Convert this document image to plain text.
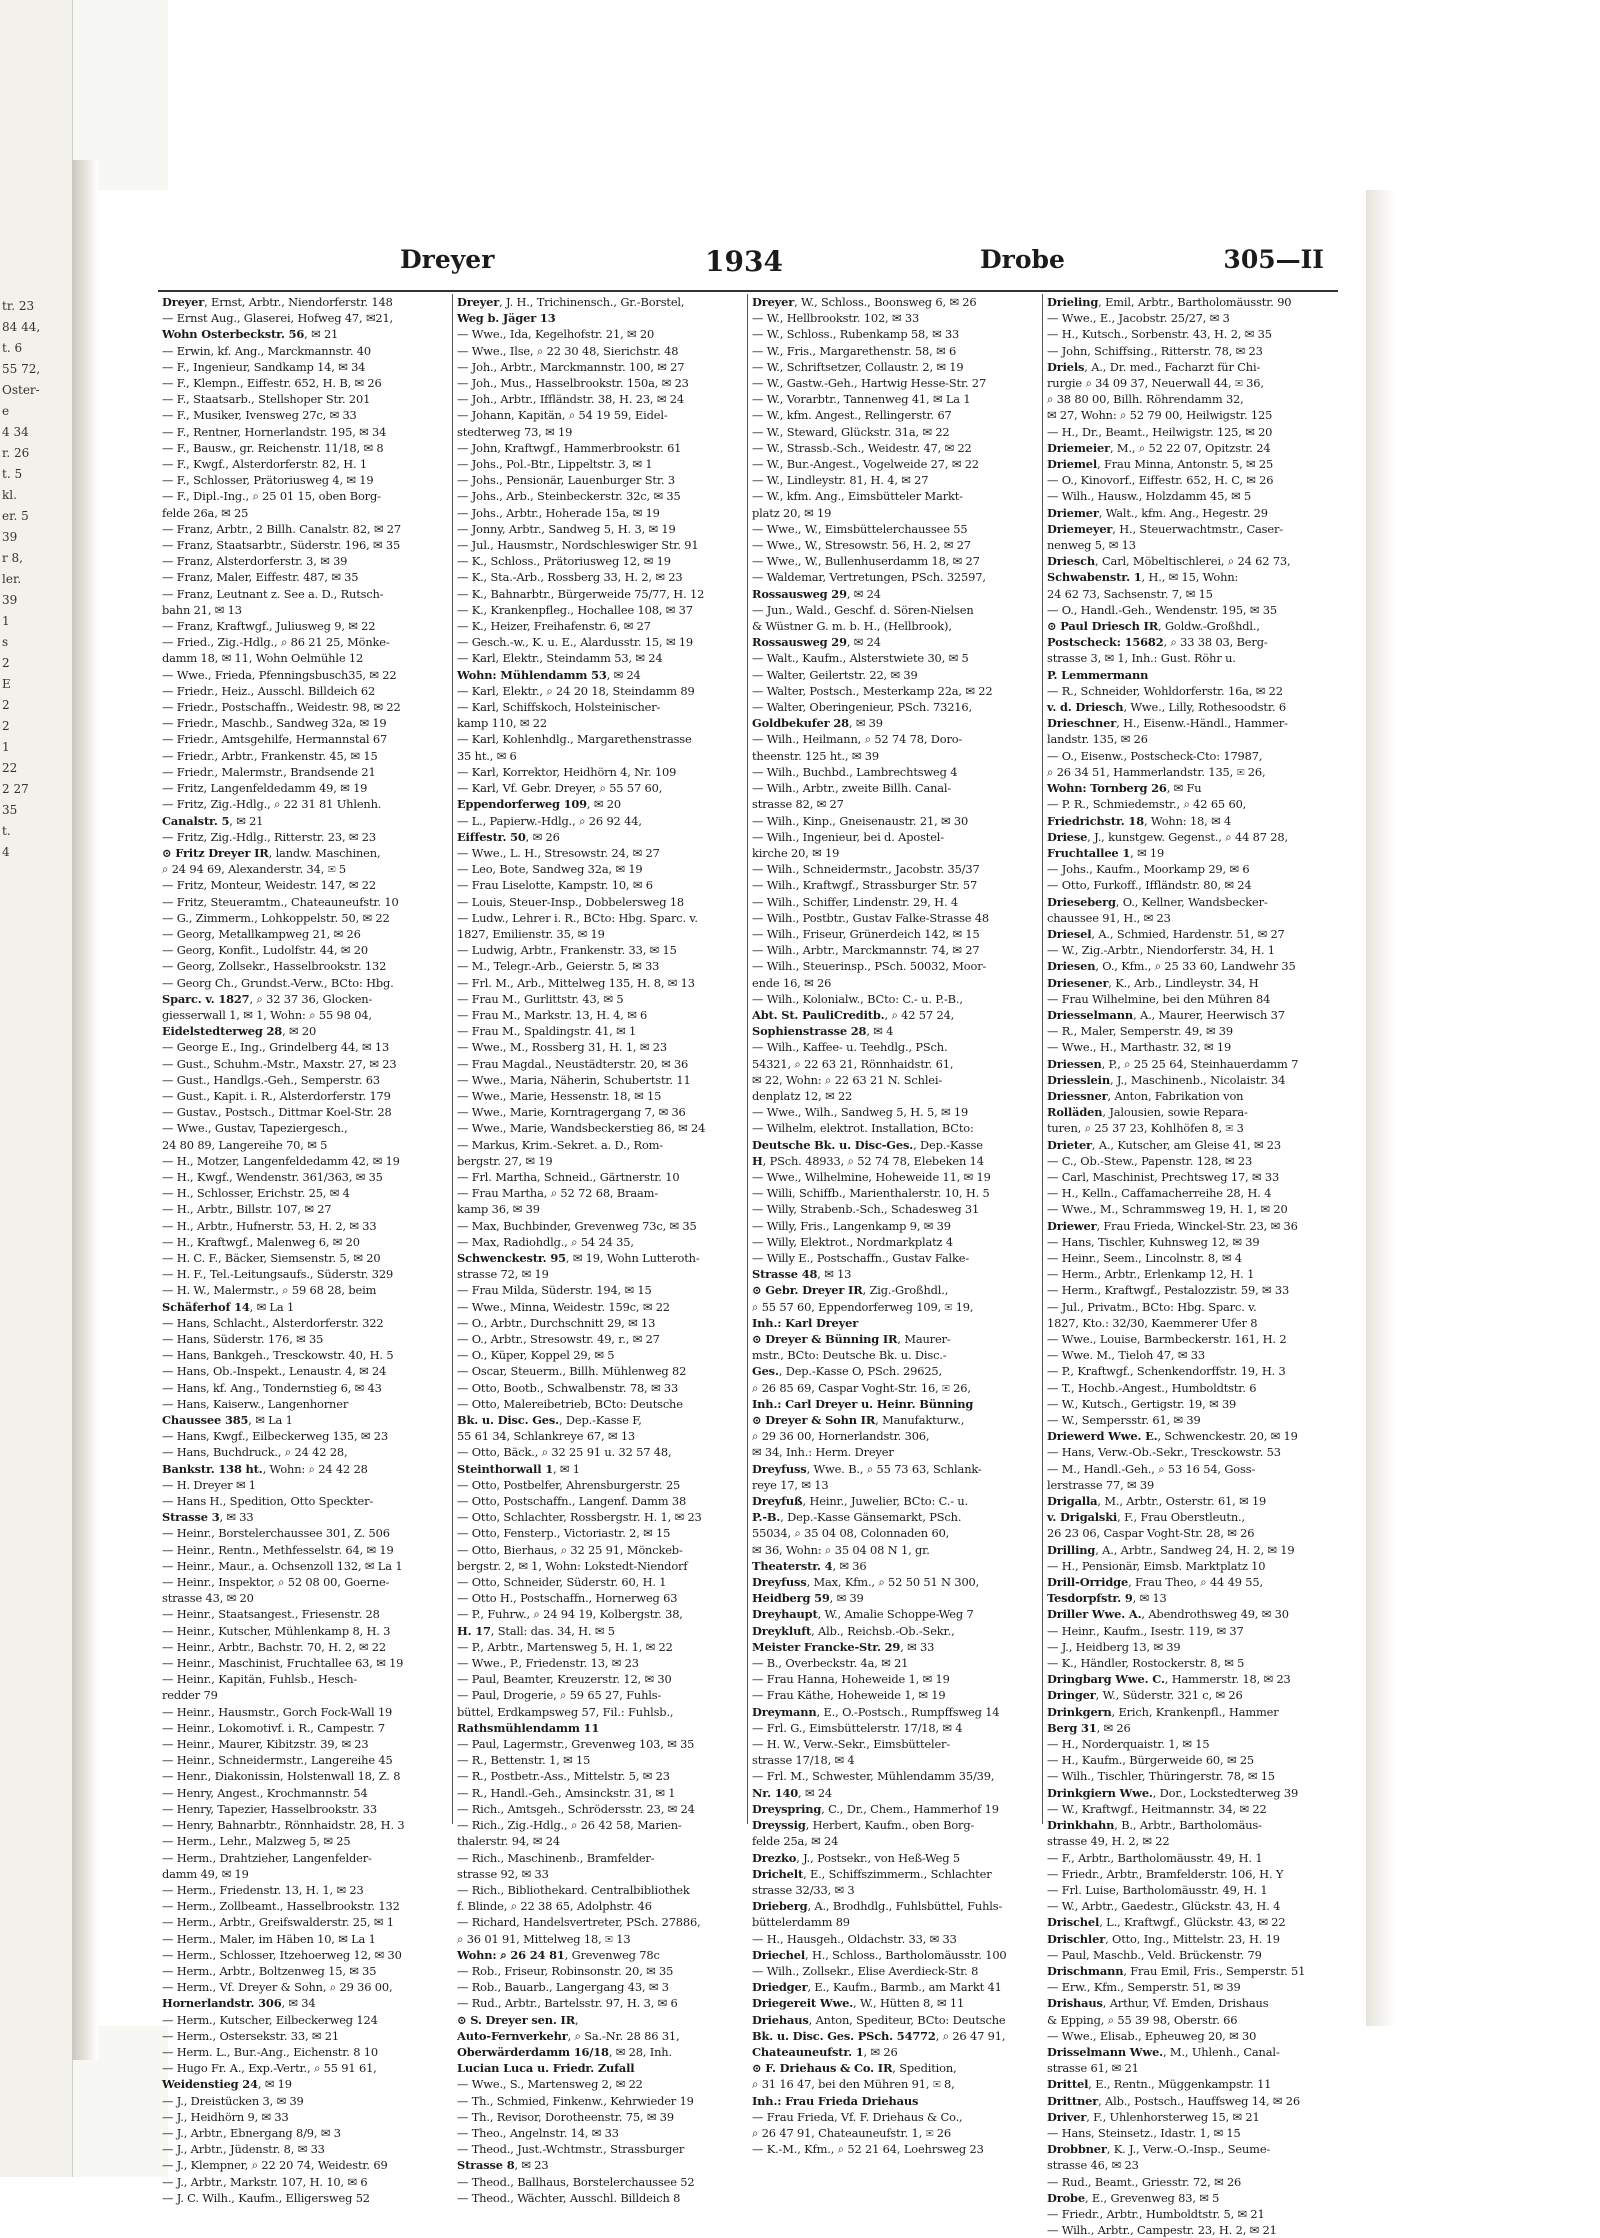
tr. 23
84 44,
t. 6
55 72,
Oster-
e
4 34
r. 26
t. 5
kl.
er. 5
39
r 8,
ler.
39
1
s
2
E
2
2
1
22
2 27
35
t.
4
Dreyer	1934	Drobe	305—II
Dreyer, Ernst, Arbtr., Niendorferstr. 148
— Ernst Aug., Glaserei, Hofweg 47, ✉21,
Wohn Osterbeckstr. 56, ✉ 21
— Erwin, kf. Ang., Marckmannstr. 40
— F., Ingenieur, Sandkamp 14, ✉ 34
— F., Klempn., Eiffestr. 652, H. B, ✉ 26
— F., Staatsarb., Stellshoper Str. 201
— F., Musiker, Ivensweg 27c, ✉ 33
— F., Rentner, Hornerlandstr. 195, ✉ 34
— F., Bausw., gr. Reichenstr. 11/18, ✉ 8
— F., Kwgf., Alsterdorferstr. 82, H. 1
— F., Schlosser, Prätoriusweg 4, ✉ 19
— F., Dipl.-Ing., ⌕ 25 01 15, oben Borg-
felde 26a, ✉ 25
— Franz, Arbtr., 2 Billh. Canalstr. 82, ✉ 27
— Franz, Staatsarbtr., Süderstr. 196, ✉ 35
— Franz, Alsterdorferstr. 3, ✉ 39
— Franz, Maler, Eiffestr. 487, ✉ 35
— Franz, Leutnant z. See a. D., Rutsch-
bahn 21, ✉ 13
— Franz, Kraftwgf., Juliusweg 9, ✉ 22
— Fried., Zig.-Hdlg., ⌕ 86 21 25, Mönke-
damm 18, ✉ 11, Wohn Oelmühle 12
— Wwe., Frieda, Pfenningsbusch35, ✉ 22
— Friedr., Heiz., Ausschl. Billdeich 62
— Friedr., Postschaffn., Weidestr. 98, ✉ 22
— Friedr., Maschb., Sandweg 32a, ✉ 19
— Friedr., Amtsgehilfe, Hermannstal 67
— Friedr., Arbtr., Frankenstr. 45, ✉ 15
— Friedr., Malermstr., Brandsende 21
— Fritz, Langenfeldedamm 49, ✉ 19
— Fritz, Zig.-Hdlg., ⌕ 22 31 81 Uhlenh.
Canalstr. 5, ✉ 21
— Fritz, Zig.-Hdlg., Ritterstr. 23, ✉ 23
⊙ Fritz Dreyer IR, landw. Maschinen,
⌕ 24 94 69, Alexanderstr. 34, ✉ 5
— Fritz, Monteur, Weidestr. 147, ✉ 22
— Fritz, Steueramtm., Chateauneufstr. 10
— G., Zimmerm., Lohkoppelstr. 50, ✉ 22
— Georg, Metallkampweg 21, ✉ 26
— Georg, Konfit., Ludolfstr. 44, ✉ 20
— Georg, Zollsekr., Hasselbrookstr. 132
— Georg Ch., Grundst.-Verw., BCto: Hbg.
Sparc. v. 1827, ⌕ 32 37 36, Glocken-
giesserwall 1, ✉ 1, Wohn: ⌕ 55 98 04,
Eidelstedterweg 28, ✉ 20
— George E., Ing., Grindelberg 44, ✉ 13
— Gust., Schuhm.-Mstr., Maxstr. 27, ✉ 23
— Gust., Handlgs.-Geh., Semperstr. 63
— Gust., Kapit. i. R., Alsterdorferstr. 179
— Gustav., Postsch., Dittmar Koel-Str. 28
— Wwe., Gustav, Tapeziergesch.,
24 80 89, Langereihe 70, ✉ 5
— H., Motzer, Langenfeldedamm 42, ✉ 19
— H., Kwgf., Wendenstr. 361/363, ✉ 35
— H., Schlosser, Erichstr. 25, ✉ 4
— H., Arbtr., Billstr. 107, ✉ 27
— H., Arbtr., Hufnerstr. 53, H. 2, ✉ 33
— H., Kraftwgf., Malenweg 6, ✉ 20
— H. C. F., Bäcker, Siemsenstr. 5, ✉ 20
— H. F., Tel.-Leitungsaufs., Süderstr. 329
— H. W., Malermstr., ⌕ 59 68 28, beim
Schäferhof 14, ✉ La 1
— Hans, Schlacht., Alsterdorferstr. 322
— Hans, Süderstr. 176, ✉ 35
— Hans, Bankgeh., Tresckowstr. 40, H. 5
— Hans, Ob.-Inspekt., Lenaustr. 4, ✉ 24
— Hans, kf. Ang., Tondernstieg 6, ✉ 43
— Hans, Kaiserw., Langenhorner
Chaussee 385, ✉ La 1
— Hans, Kwgf., Eilbeckerweg 135, ✉ 23
— Hans, Buchdruck., ⌕ 24 42 28,
Bankstr. 138 ht., Wohn: ⌕ 24 42 28
— H. Dreyer ✉ 1
— Hans H., Spedition, Otto Speckter-
Strasse 3, ✉ 33
— Heinr., Borstelerchaussee 301, Z. 506
— Heinr., Rentn., Methfesselstr. 64, ✉ 19
— Heinr., Maur., a. Ochsenzoll 132, ✉ La 1
— Heinr., Inspektor, ⌕ 52 08 00, Goerne-
strasse 43, ✉ 20
— Heinr., Staatsangest., Friesenstr. 28
— Heinr., Kutscher, Mühlenkamp 8, H. 3
— Heinr., Arbtr., Bachstr. 70, H. 2, ✉ 22
— Heinr., Maschinist, Fruchtallee 63, ✉ 19
— Heinr., Kapitän, Fuhlsb., Hesch-
redder 79
— Heinr., Hausmstr., Gorch Fock-Wall 19
— Heinr., Lokomotivf. i. R., Campestr. 7
— Heinr., Maurer, Kibitzstr. 39, ✉ 23
— Heinr., Schneidermstr., Langereihe 45
— Henr., Diakonissin, Holstenwall 18, Z. 8
— Henry, Angest., Krochmannstr. 54
— Henry, Tapezier, Hasselbrookstr. 33
— Henry, Bahnarbtr., Rönnhaidstr. 28, H. 3
— Herm., Lehr., Malzweg 5, ✉ 25
— Herm., Drahtzieher, Langenfelder-
damm 49, ✉ 19
— Herm., Friedenstr. 13, H. 1, ✉ 23
— Herm., Zollbeamt., Hasselbrookstr. 132
— Herm., Arbtr., Greifswalderstr. 25, ✉ 1
— Herm., Maler, im Häben 10, ✉ La 1
— Herm., Schlosser, Itzehoerweg 12, ✉ 30
— Herm., Arbtr., Boltzenweg 15, ✉ 35
— Herm., Vf. Dreyer & Sohn, ⌕ 29 36 00,
Hornerlandstr. 306, ✉ 34
— Herm., Kutscher, Eilbeckerweg 124
— Herm., Ostersekstr. 33, ✉ 21
— Herm. L., Bur.-Ang., Eichenstr. 8 10
— Hugo Fr. A., Exp.-Vertr., ⌕ 55 91 61,
Weidenstieg 24, ✉ 19
— J., Dreistücken 3, ✉ 39
— J., Heidhörn 9, ✉ 33
— J., Arbtr., Ebnergang 8/9, ✉ 3
— J., Arbtr., Jüdenstr. 8, ✉ 33
— J., Klempner, ⌕ 22 20 74, Weidestr. 69
— J., Arbtr., Markstr. 107, H. 10, ✉ 6
— J. C. Wilh., Kaufm., Elligersweg 52
Dreyer, J. H., Trichinensch., Gr.-Borstel,
Weg b. Jäger 13
— Wwe., Ida, Kegelhofstr. 21, ✉ 20
— Wwe., Ilse, ⌕ 22 30 48, Sierichstr. 48
— Joh., Arbtr., Marckmannstr. 100, ✉ 27
— Joh., Mus., Hasselbrookstr. 150a, ✉ 23
— Joh., Arbtr., Iffländstr. 38, H. 23, ✉ 24
— Johann, Kapitän, ⌕ 54 19 59, Eidel-
stedterweg 73, ✉ 19
— John, Kraftwgf., Hammerbrookstr. 61
— Johs., Pol.-Btr., Lippeltstr. 3, ✉ 1
— Johs., Pensionär, Lauenburger Str. 3
— Johs., Arb., Steinbeckerstr. 32c, ✉ 35
— Johs., Arbtr., Hoherade 15a, ✉ 19
— Jonny, Arbtr., Sandweg 5, H. 3, ✉ 19
— Jul., Hausmstr., Nordschleswiger Str. 91
— K., Schloss., Prätoriusweg 12, ✉ 19
— K., Sta.-Arb., Rossberg 33, H. 2, ✉ 23
— K., Bahnarbtr., Bürgerweide 75/77, H. 12
— K., Krankenpfleg., Hochallee 108, ✉ 37
— K., Heizer, Freihafenstr. 6, ✉ 27
— Gesch.-w., K. u. E., Alardusstr. 15, ✉ 19
— Karl, Elektr., Steindamm 53, ✉ 24
Wohn: Mühlendamm 53, ✉ 24
— Karl, Elektr., ⌕ 24 20 18, Steindamm 89
— Karl, Schiffskoch, Holsteinischer-
kamp 110, ✉ 22
— Karl, Kohlenhdlg., Margarethenstrasse
35 ht., ✉ 6
— Karl, Korrektor, Heidhörn 4, Nr. 109
— Karl, Vf. Gebr. Dreyer, ⌕ 55 57 60,
Eppendorferweg 109, ✉ 20
— L., Papierw.-Hdlg., ⌕ 26 92 44,
Eiffestr. 50, ✉ 26
— Wwe., L. H., Stresowstr. 24, ✉ 27
— Leo, Bote, Sandweg 32a, ✉ 19
— Frau Liselotte, Kampstr. 10, ✉ 6
— Louis, Steuer-Insp., Dobbelersweg 18
— Ludw., Lehrer i. R., BCto: Hbg. Sparc. v.
1827, Emilienstr. 35, ✉ 19
— Ludwig, Arbtr., Frankenstr. 33, ✉ 15
— M., Telegr.-Arb., Geierstr. 5, ✉ 33
— Frl. M., Arb., Mittelweg 135, H. 8, ✉ 13
— Frau M., Gurlittstr. 43, ✉ 5
— Frau M., Markstr. 13, H. 4, ✉ 6
— Frau M., Spaldingstr. 41, ✉ 1
— Wwe., M., Rossberg 31, H. 1, ✉ 23
— Frau Magdal., Neustädterstr. 20, ✉ 36
— Wwe., Maria, Näherin, Schubertstr. 11
— Wwe., Marie, Hessenstr. 18, ✉ 15
— Wwe., Marie, Korntragergang 7, ✉ 36
— Wwe., Marie, Wandsbeckerstieg 86, ✉ 24
— Markus, Krim.-Sekret. a. D., Rom-
bergstr. 27, ✉ 19
— Frl. Martha, Schneid., Gärtnerstr. 10
— Frau Martha, ⌕ 52 72 68, Braam-
kamp 36, ✉ 39
— Max, Buchbinder, Grevenweg 73c, ✉ 35
— Max, Radiohdlg., ⌕ 54 24 35,
Schwenckestr. 95, ✉ 19, Wohn Lutteroth-
strasse 72, ✉ 19
— Frau Milda, Süderstr. 194, ✉ 15
— Wwe., Minna, Weidestr. 159c, ✉ 22
— O., Arbtr., Durchschnitt 29, ✉ 13
— O., Arbtr., Stresowstr. 49, r., ✉ 27
— O., Küper, Koppel 29, ✉ 5
— Oscar, Steuerm., Billh. Mühlenweg 82
— Otto, Bootb., Schwalbenstr. 78, ✉ 33
— Otto, Malereibetrieb, BCto: Deutsche
Bk. u. Disc. Ges., Dep.-Kasse F,
55 61 34, Schlankreye 67, ✉ 13
— Otto, Bäck., ⌕ 32 25 91 u. 32 57 48,
Steinthorwall 1, ✉ 1
— Otto, Postbelfer, Ahrensburgerstr. 25
— Otto, Postschaffn., Langenf. Damm 38
— Otto, Schlachter, Rossbergstr. H. 1, ✉ 23
— Otto, Fensterp., Victoriastr. 2, ✉ 15
— Otto, Bierhaus, ⌕ 32 25 91, Mönckeb-
bergstr. 2, ✉ 1, Wohn: Lokstedt-Niendorf
— Otto, Schneider, Süderstr. 60, H. 1
— Otto H., Postschaffn., Hornerweg 63
— P., Fuhrw., ⌕ 24 94 19, Kolbergstr. 38,
H. 17, Stall: das. 34, H. ✉ 5
— P., Arbtr., Martensweg 5, H. 1, ✉ 22
— Wwe., P., Friedenstr. 13, ✉ 23
— Paul, Beamter, Kreuzerstr. 12, ✉ 30
— Paul, Drogerie, ⌕ 59 65 27, Fuhls-
büttel, Erdkampsweg 57, Fil.: Fuhlsb.,
Rathsmühlendamm 11
— Paul, Lagermstr., Grevenweg 103, ✉ 35
— R., Bettenstr. 1, ✉ 15
— R., Postbetr.-Ass., Mittelstr. 5, ✉ 23
— R., Handl.-Geh., Amsinckstr. 31, ✉ 1
— Rich., Amtsgeh., Schrödersstr. 23, ✉ 24
— Rich., Zig.-Hdlg., ⌕ 26 42 58, Marien-
thalerstr. 94, ✉ 24
— Rich., Maschinenb., Bramfelder-
strasse 92, ✉ 33
— Rich., Bibliothekard. Centralbibliothek
f. Blinde, ⌕ 22 38 65, Adolphstr. 46
— Richard, Handelsvertreter, PSch. 27886,
⌕ 36 01 91, Mittelweg 18, ✉ 13
Wohn: ⌕ 26 24 81, Grevenweg 78c
— Rob., Friseur, Robinsonstr. 20, ✉ 35
— Rob., Bauarb., Langergang 43, ✉ 3
— Rud., Arbtr., Bartelsstr. 97, H. 3, ✉ 6
⊙ S. Dreyer sen. IR,
Auto-Fernverkehr, ⌕ Sa.-Nr. 28 86 31,
Oberwärderdamm 16/18, ✉ 28, Inh.
Lucian Luca u. Friedr. Zufall
— Wwe., S., Martensweg 2, ✉ 22
— Th., Schmied, Finkenw., Kehrwieder 19
— Th., Revisor, Dorotheenstr. 75, ✉ 39
— Theo., Angelnstr. 14, ✉ 33
— Theod., Just.-Wchtmstr., Strassburger
Strasse 8, ✉ 23
— Theod., Ballhaus, Borstelerchaussee 52
— Theod., Wächter, Ausschl. Billdeich 8
Dreyer, W., Schloss., Boonsweg 6, ✉ 26
— W., Hellbrookstr. 102, ✉ 33
— W., Schloss., Rubenkamp 58, ✉ 33
— W., Fris., Margarethenstr. 58, ✉ 6
— W., Schriftsetzer, Collaustr. 2, ✉ 19
— W., Gastw.-Geh., Hartwig Hesse-Str. 27
— W., Vorarbtr., Tannenweg 41, ✉ La 1
— W., kfm. Angest., Rellingerstr. 67
— W., Steward, Glückstr. 31a, ✉ 22
— W., Strassb.-Sch., Weidestr. 47, ✉ 22
— W., Bur.-Angest., Vogelweide 27, ✉ 22
— W., Lindleystr. 81, H. 4, ✉ 27
— W., kfm. Ang., Eimsbütteler Markt-
platz 20, ✉ 19
— Wwe., W., Eimsbüttelerchaussee 55
— Wwe., W., Stresowstr. 56, H. 2, ✉ 27
— Wwe., W., Bullenhuserdamm 18, ✉ 27
— Waldemar, Vertretungen, PSch. 32597,
Rossausweg 29, ✉ 24
— Jun., Wald., Geschf. d. Sören-Nielsen
& Wüstner G. m. b. H., (Hellbrook),
Rossausweg 29, ✉ 24
— Walt., Kaufm., Alsterstwiete 30, ✉ 5
— Walter, Geilertstr. 22, ✉ 39
— Walter, Postsch., Mesterkamp 22a, ✉ 22
— Walter, Oberingenieur, PSch. 73216,
Goldbekufer 28, ✉ 39
— Wilh., Heilmann, ⌕ 52 74 78, Doro-
theenstr. 125 ht., ✉ 39
— Wilh., Buchbd., Lambrechtsweg 4
— Wilh., Arbtr., zweite Billh. Canal-
strasse 82, ✉ 27
— Wilh., Kinp., Gneisenaustr. 21, ✉ 30
— Wilh., Ingenieur, bei d. Apostel-
kirche 20, ✉ 19
— Wilh., Schneidermstr., Jacobstr. 35/37
— Wilh., Kraftwgf., Strassburger Str. 57
— Wilh., Schiffer, Lindenstr. 29, H. 4
— Wilh., Postbtr., Gustav Falke-Strasse 48
— Wilh., Friseur, Grünerdeich 142, ✉ 15
— Wilh., Arbtr., Marckmannstr. 74, ✉ 27
— Wilh., Steuerinsp., PSch. 50032, Moor-
ende 16, ✉ 26
— Wilh., Kolonialw., BCto: C.- u. P.-B.,
Abt. St. PauliCreditb., ⌕ 42 57 24,
Sophienstrasse 28, ✉ 4
— Wilh., Kaffee- u. Teehdlg., PSch.
54321, ⌕ 22 63 21, Rönnhaidstr. 61,
✉ 22, Wohn: ⌕ 22 63 21 N. Schlei-
denplatz 12, ✉ 22
— Wwe., Wilh., Sandweg 5, H. 5, ✉ 19
— Wilhelm, elektrot. Installation, BCto:
Deutsche Bk. u. Disc-Ges., Dep.-Kasse
H, PSch. 48933, ⌕ 52 74 78, Elebeken 14
— Wwe., Wilhelmine, Hoheweide 11, ✉ 19
— Willi, Schiffb., Marienthalerstr. 10, H. 5
— Willy, Strabenb.-Sch., Schadesweg 31
— Willy, Fris., Langenkamp 9, ✉ 39
— Willy, Elektrot., Nordmarkplatz 4
— Willy E., Postschaffn., Gustav Falke-
Strasse 48, ✉ 13
⊙ Gebr. Dreyer IR, Zig.-Großhdl.,
⌕ 55 57 60, Eppendorferweg 109, ✉ 19,
Inh.: Karl Dreyer
⊙ Dreyer & Bünning IR, Maurer-
mstr., BCto: Deutsche Bk. u. Disc.-
Ges., Dep.-Kasse O, PSch. 29625,
⌕ 26 85 69, Caspar Voght-Str. 16, ✉ 26,
Inh.: Carl Dreyer u. Heinr. Bünning
⊙ Dreyer & Sohn IR, Manufakturw.,
⌕ 29 36 00, Hornerlandstr. 306,
✉ 34, Inh.: Herm. Dreyer
Dreyfuss, Wwe. B., ⌕ 55 73 63, Schlank-
reye 17, ✉ 13
Dreyfuß, Heinr., Juwelier, BCto: C.- u.
P.-B., Dep.-Kasse Gänsemarkt, PSch.
55034, ⌕ 35 04 08, Colonnaden 60,
✉ 36, Wohn: ⌕ 35 04 08 N 1, gr.
Theaterstr. 4, ✉ 36
Dreyfuss, Max, Kfm., ⌕ 52 50 51 N 300,
Heidberg 59, ✉ 39
Dreyhaupt, W., Amalie Schoppe-Weg 7
Dreykluft, Alb., Reichsb.-Ob.-Sekr.,
Meister Francke-Str. 29, ✉ 33
— B., Overbeckstr. 4a, ✉ 21
— Frau Hanna, Hoheweide 1, ✉ 19
— Frau Käthe, Hoheweide 1, ✉ 19
Dreymann, E., O.-Postsch., Rumpffsweg 14
— Frl. G., Eimsbüttelerstr. 17/18, ✉ 4
— H. W., Verw.-Sekr., Eimsbütteler-
strasse 17/18, ✉ 4
— Frl. M., Schwester, Mühlendamm 35/39,
Nr. 140, ✉ 24
Dreyspring, C., Dr., Chem., Hammerhof 19
Dreyssig, Herbert, Kaufm., oben Borg-
felde 25a, ✉ 24
Drezko, J., Postsekr., von Heß-Weg 5
Drichelt, E., Schiffszimmerm., Schlachter
strasse 32/33, ✉ 3
Drieberg, A., Brodhdlg., Fuhlsbüttel, Fuhls-
büttelerdamm 89
— H., Hausgeh., Oldachstr. 33, ✉ 33
Driechel, H., Schloss., Bartholomäusstr. 100
— Wilh., Zollsekr., Elise Averdieck-Str. 8
Driedger, E., Kaufm., Barmb., am Markt 41
Driegereit Wwe., W., Hütten 8, ✉ 11
Driehaus, Anton, Spediteur, BCto: Deutsche
Bk. u. Disc. Ges. PSch. 54772, ⌕ 26 47 91,
Chateauneufstr. 1, ✉ 26
⊙ F. Driehaus & Co. IR, Spedition,
⌕ 31 16 47, bei den Mühren 91, ✉ 8,
Inh.: Frau Frieda Driehaus
— Frau Frieda, Vf. F. Driehaus & Co.,
⌕ 26 47 91, Chateauneufstr. 1, ✉ 26
— K.-M., Kfm., ⌕ 52 21 64, Loehrsweg 23
Drieling, Emil, Arbtr., Bartholomäusstr. 90
— Wwe., E., Jacobstr. 25/27, ✉ 3
— H., Kutsch., Sorbenstr. 43, H. 2, ✉ 35
— John, Schiffsing., Ritterstr. 78, ✉ 23
Driels, A., Dr. med., Facharzt für Chi-
rurgie ⌕ 34 09 37, Neuerwall 44, ✉ 36,
⌕ 38 80 00, Billh. Röhrendamm 32,
✉ 27, Wohn: ⌕ 52 79 00, Heilwigstr. 125
— H., Dr., Beamt., Heilwigstr. 125, ✉ 20
Driemeier, M., ⌕ 52 22 07, Opitzstr. 24
Driemel, Frau Minna, Antonstr. 5, ✉ 25
— O., Kinovorf., Eiffestr. 652, H. C, ✉ 26
— Wilh., Hausw., Holzdamm 45, ✉ 5
Driemer, Walt., kfm. Ang., Hegestr. 29
Driemeyer, H., Steuerwachtmstr., Caser-
nenweg 5, ✉ 13
Driesch, Carl, Möbeltischlerei, ⌕ 24 62 73,
Schwabenstr. 1, H., ✉ 15, Wohn:
24 62 73, Sachsenstr. 7, ✉ 15
— O., Handl.-Geh., Wendenstr. 195, ✉ 35
⊙ Paul Driesch IR, Goldw.-Großhdl.,
Postscheck: 15682, ⌕ 33 38 03, Berg-
strasse 3, ✉ 1, Inh.: Gust. Röhr u.
P. Lemmermann
— R., Schneider, Wohldorferstr. 16a, ✉ 22
v. d. Driesch, Wwe., Lilly, Rothesoodstr. 6
Drieschner, H., Eisenw.-Händl., Hammer-
landstr. 135, ✉ 26
— O., Eisenw., Postscheck-Cto: 17987,
⌕ 26 34 51, Hammerlandstr. 135, ✉ 26,
Wohn: Tornberg 26, ✉ Fu
— P. R., Schmiedemstr., ⌕ 42 65 60,
Friedrichstr. 18, Wohn: 18, ✉ 4
Driese, J., kunstgew. Gegenst., ⌕ 44 87 28,
Fruchtallee 1, ✉ 19
— Johs., Kaufm., Moorkamp 29, ✉ 6
— Otto, Furkoff., Iffländstr. 80, ✉ 24
Drieseberg, O., Kellner, Wandsbecker-
chaussee 91, H., ✉ 23
Driesel, A., Schmied, Hardenstr. 51, ✉ 27
— W., Zig.-Arbtr., Niendorferstr. 34, H. 1
Driesen, O., Kfm., ⌕ 25 33 60, Landwehr 35
Driesener, K., Arb., Lindleystr. 34, H
— Frau Wilhelmine, bei den Mühren 84
Driesselmann, A., Maurer, Heerwisch 37
— R., Maler, Semperstr. 49, ✉ 39
— Wwe., H., Marthastr. 32, ✉ 19
Driessen, P., ⌕ 25 25 64, Steinhauerdamm 7
Driesslein, J., Maschinenb., Nicolaistr. 34
Driessner, Anton, Fabrikation von
Rolläden, Jalousien, sowie Repara-
turen, ⌕ 25 37 23, Kohlhöfen 8, ✉ 3
Drieter, A., Kutscher, am Gleise 41, ✉ 23
— C., Ob.-Stew., Papenstr. 128, ✉ 23
— Carl, Maschinist, Prechtsweg 17, ✉ 33
— H., Kelln., Caffamacherreihe 28, H. 4
— Wwe., M., Schrammsweg 19, H. 1, ✉ 20
Driewer, Frau Frieda, Winckel-Str. 23, ✉ 36
— Hans, Tischler, Kuhnsweg 12, ✉ 39
— Heinr., Seem., Lincolnstr. 8, ✉ 4
— Herm., Arbtr., Erlenkamp 12, H. 1
— Herm., Kraftwgf., Pestalozzistr. 59, ✉ 33
— Jul., Privatm., BCto: Hbg. Sparc. v.
1827, Kto.: 32/30, Kaemmerer Ufer 8
— Wwe., Louise, Barmbeckerstr. 161, H. 2
— Wwe. M., Tieloh 47, ✉ 33
— P., Kraftwgf., Schenkendorffstr. 19, H. 3
— T., Hochb.-Angest., Humboldtstr. 6
— W., Kutsch., Gertigstr. 19, ✉ 39
— W., Sempersstr. 61, ✉ 39
Driewerd Wwe. E., Schwenckestr. 20, ✉ 19
— Hans, Verw.-Ob.-Sekr., Tresckowstr. 53
— M., Handl.-Geh., ⌕ 53 16 54, Goss-
lerstrasse 77, ✉ 39
Drigalla, M., Arbtr., Osterstr. 61, ✉ 19
v. Drigalski, F., Frau Oberstleutn.,
26 23 06, Caspar Voght-Str. 28, ✉ 26
Drilling, A., Arbtr., Sandweg 24, H. 2, ✉ 19
— H., Pensionär, Eimsb. Marktplatz 10
Drill-Orridge, Frau Theo, ⌕ 44 49 55,
Tesdorpfstr. 9, ✉ 13
Driller Wwe. A., Abendrothsweg 49, ✉ 30
— Heinr., Kaufm., Isestr. 119, ✉ 37
— J., Heidberg 13, ✉ 39
— K., Händler, Rostockerstr. 8, ✉ 5
Dringbarg Wwe. C., Hammerstr. 18, ✉ 23
Dringer, W., Süderstr. 321 c, ✉ 26
Drinkgern, Erich, Krankenpfl., Hammer
Berg 31, ✉ 26
— H., Norderquaistr. 1, ✉ 15
— H., Kaufm., Bürgerweide 60, ✉ 25
— Wilh., Tischler, Thüringerstr. 78, ✉ 15
Drinkgiern Wwe., Dor., Lockstedterweg 39
— W., Kraftwgf., Heitmannstr. 34, ✉ 22
Drinkhahn, B., Arbtr., Bartholomäus-
strasse 49, H. 2, ✉ 22
— F., Arbtr., Bartholomäusstr. 49, H. 1
— Friedr., Arbtr., Bramfelderstr. 106, H. Y
— Frl. Luise, Bartholomäusstr. 49, H. 1
— W., Arbtr., Gaedestr., Glückstr. 43, H. 4
Drischel, L., Kraftwgf., Glückstr. 43, ✉ 22
Drischler, Otto, Ing., Mittelstr. 23, H. 19
— Paul, Maschb., Veld. Brückenstr. 79
Drischmann, Frau Emil, Fris., Semperstr. 51
— Erw., Kfm., Semperstr. 51, ✉ 39
Drishaus, Arthur, Vf. Emden, Drishaus
& Epping, ⌕ 55 39 98, Oberstr. 66
— Wwe., Elisab., Epheuweg 20, ✉ 30
Drisselmann Wwe., M., Uhlenh., Canal-
strasse 61, ✉ 21
Drittel, E., Rentn., Müggenkampstr. 11
Drittner, Alb., Postsch., Hauffsweg 14, ✉ 26
Driver, F., Uhlenhorsterweg 15, ✉ 21
— Hans, Steinsetz., Idastr. 1, ✉ 15
Drobbner, K. J., Verw.-O.-Insp., Seume-
strasse 46, ✉ 23
— Rud., Beamt., Griesstr. 72, ✉ 26
Drobe, E., Grevenweg 83, ✉ 5
— Friedr., Arbtr., Humboldtstr. 5, ✉ 21
— Wilh., Arbtr., Campestr. 23, H. 2, ✉ 21
